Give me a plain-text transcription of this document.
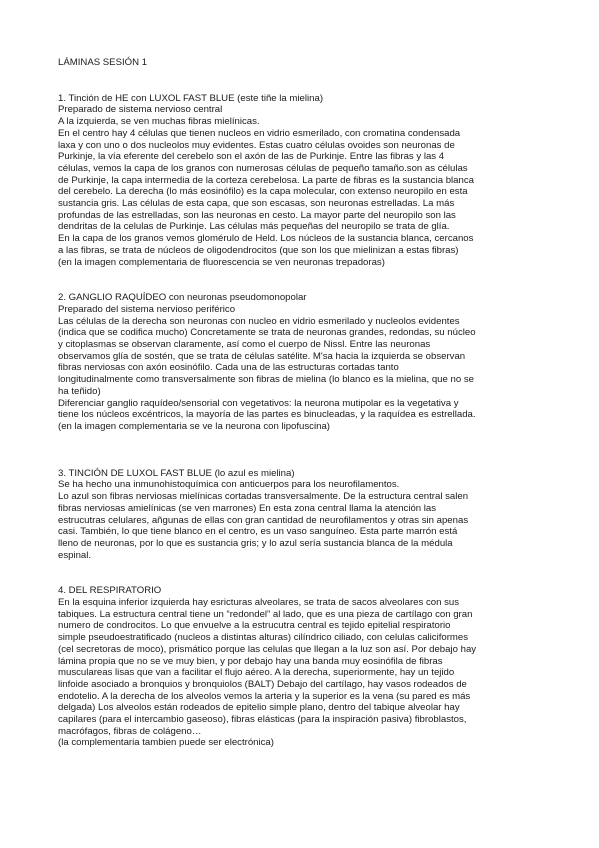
LÁMINAS SESIÓN 1

1. Tinción de HE con LUXOL FAST BLUE (este tiñe la mielina)

Preparado de sistema nervioso central

A la izquierda, se ven muchas fibras mielínicas.

En el centro hay 4 células que tienen nucleos en vidrio esmerilado, con cromatina condensada

laxa y con uno o dos nucleolos muy evidentes. Estas cuatro células ovoides son neuronas de

Purkinje, la vía eferente del cerebelo son el axón de las de Purkinje. Entre las fibras y las 4

células, vemos la capa de los granos con numerosas células de pequeño tamaño.son as células

de Purkinje, la capa intermedia de la corteza cerebelosa. La parte de fibras es la sustancia blanca

del cerebelo. La derecha (lo más eosinófilo) es la capa molecular, con extenso neuropilo en esta

sustancia gris. Las células de esta capa, que son escasas, son neuronas estrelladas. La más

profundas de las estrelladas, son las neuronas en cesto. La mayor parte del neuropilo son las

dendritas de la celulas de Purkinje. Las células más pequeñas del neuropilo se trata de glía.

En la capa de los granos vemos glomérulo de Held. Los núcleos de la sustancia blanca, cercanos

a las fibras, se trata de núcleos de oligodendrocitos (que son los que mielinizan a estas fibras)

(en la imagen complementaria de fluorescencia se ven neuronas trepadoras)

2. GANGLIO RAQUÍDEO con neuronas pseudomonopolar

Preparado del sistema nervioso periférico

Las células de la derecha son neuronas con nucleo en vidrio esmerilado y nucleolos evidentes

(indica que se codifica mucho) Concretamente se trata de neuronas grandes, redondas, su núcleo

y citoplasmas se observan claramente, así como el cuerpo de Nissl. Entre las neuronas

observamos glía de sostén, que se trata de células satélite. M'sa hacia la izquierda se observan

fibras nerviosas con axón eosinófilo. Cada una de las estructuras cortadas tanto

longitudinalmente como transversalmente son fibras de mielina (lo blanco es la mielina, que no se

ha teñido)

Diferenciar ganglio raquídeo/sensorial con vegetativos: la neurona mutipolar es la vegetativa y

tiene los núcleos excéntricos, la mayoría de las partes es binucleadas, y la raquídea es estrellada.

(en la imagen complementaria se ve la neurona con lipofuscina)

3. TINCIÓN DE LUXOL FAST BLUE (lo azul es mielina)

Se ha hecho una inmunohistoquímica con anticuerpos para los neurofilamentos.

Lo azul son fibras nerviosas mielínicas cortadas transversalmente. De la estructura central salen

fibras nerviosas amielínicas (se ven marrones) En esta zona central llama la atención las

estrucutras celulares, añgunas de ellas con gran cantidad de neurofilamentos y otras sin apenas

casi. También, lo que tiene blanco en el centro, es un vaso sanguíneo. Esta parte marrón está

lleno de neuronas, por lo que es sustancia gris; y lo azul sería sustancia blanca de la médula

espinal.

4. DEL RESPIRATORIO

En la esquina inferior izquierda hay esricturas alveolares, se trata de sacos alveolares con sus

tabiques. La estructura central tiene un “redondel” al lado, que es una pieza de cartílago con gran

numero de condrocitos. Lo que envuelve a la estrucutra central es tejido epitelial respiratorio

simple pseudoestratificado (nucleos a distintas alturas) cilíndrico ciliado, con celulas caliciformes

(cel secretoras de moco), prismático porque las celulas que llegan a la luz son así. Por debajo hay

lámina propia que no se ve muy bien, y por debajo hay una banda muy eosinófila de fibras

musculareas lisas que van a facilitar el flujo aéreo. A la derecha, superiormente, hay un tejido

linfoide asociado a bronquios y bronquiolos (BALT) Debajo del cartílago, hay vasos rodeados de

endotelio. A la derecha de los alveolos vemos la arteria y la superior es la vena (su pared es más

delgada) Los alveolos están rodeados de epitelio simple plano, dentro del tabique alveolar hay

capilares (para el intercambio gaseoso), fibras elásticas (para la inspiración pasiva) fibroblastos,

macrófagos, fibras de colágeno…

(la complementaria tambien puede ser electrónica)
